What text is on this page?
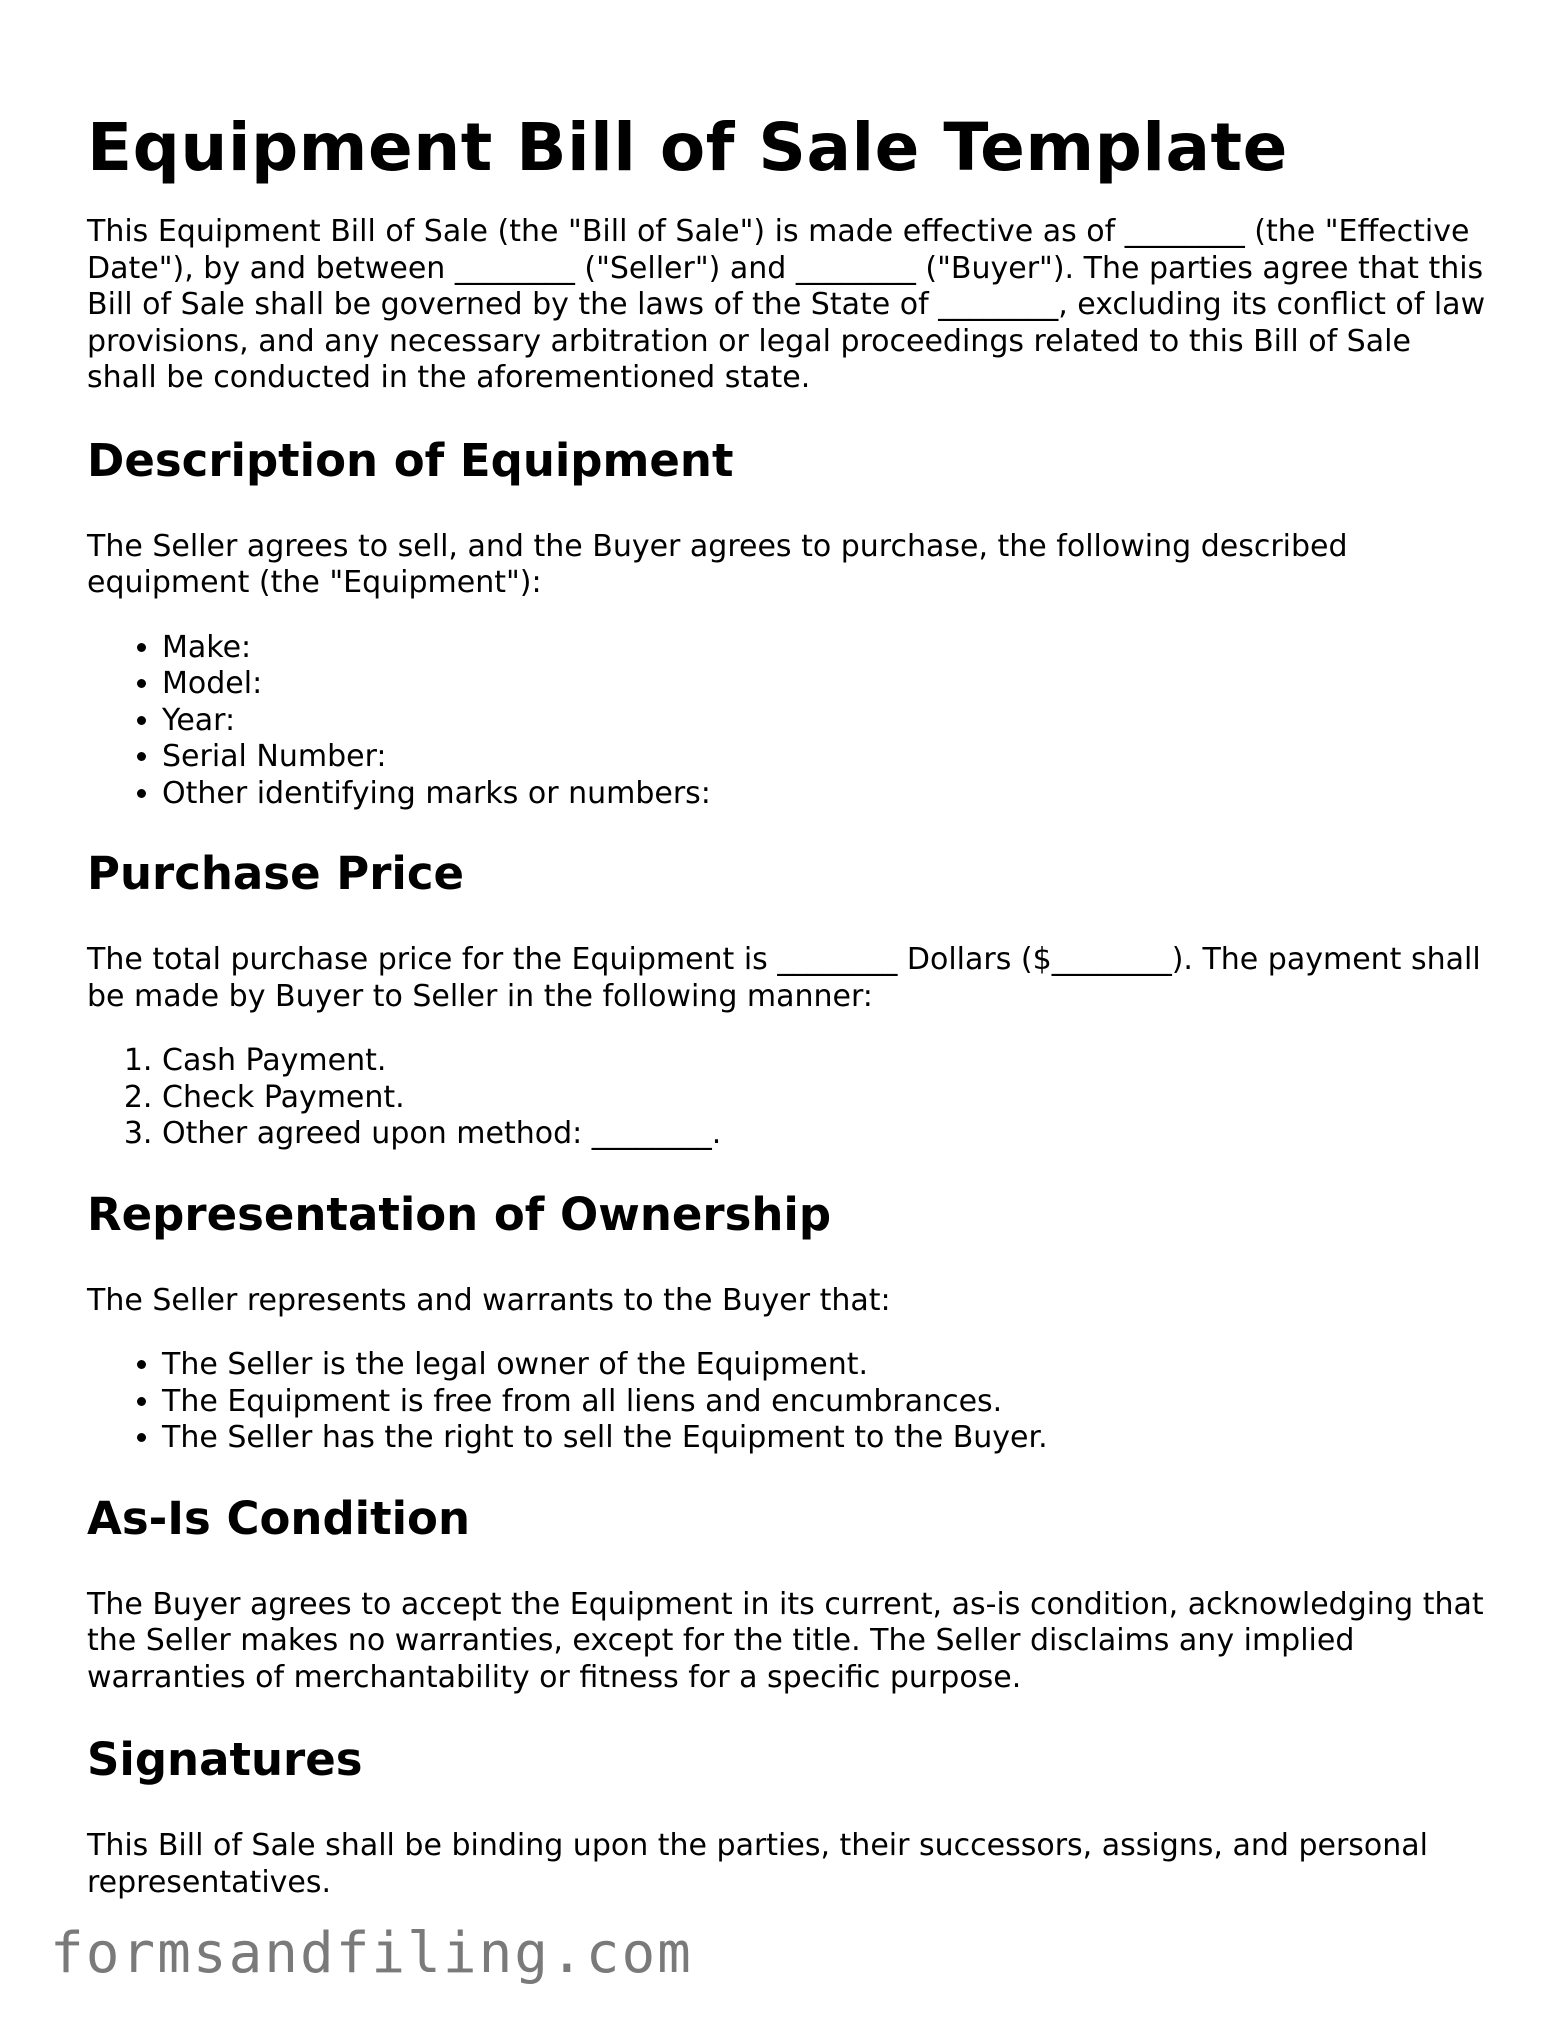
Equipment Bill of Sale Template

This Equipment Bill of Sale (the "Bill of Sale") is made effective as of ________ (the "Effective Date"), by and between ________ ("Seller") and ________ ("Buyer"). The parties agree that this Bill of Sale shall be governed by the laws of the State of ________, excluding its conflict of law provisions, and any necessary arbitration or legal proceedings related to this Bill of Sale shall be conducted in the aforementioned state.

Description of Equipment

The Seller agrees to sell, and the Buyer agrees to purchase, the following described equipment (the "Equipment"):

• Make:
• Model:
• Year:
• Serial Number:
• Other identifying marks or numbers:
Purchase Price

The total purchase price for the Equipment is ________ Dollars ($________). The payment shall be made by Buyer to Seller in the following manner:

1. Cash Payment.
2. Check Payment.
3. Other agreed upon method: ________.
Representation of Ownership

The Seller represents and warrants to the Buyer that:

• The Seller is the legal owner of the Equipment.
• The Equipment is free from all liens and encumbrances.
• The Seller has the right to sell the Equipment to the Buyer.
As-Is Condition

The Buyer agrees to accept the Equipment in its current, as-is condition, acknowledging that the Seller makes no warranties, except for the title. The Seller disclaims any implied warranties of merchantability or fitness for a specific purpose.

Signatures

This Bill of Sale shall be binding upon the parties, their successors, assigns, and personal representatives.

formsandfiling.com
